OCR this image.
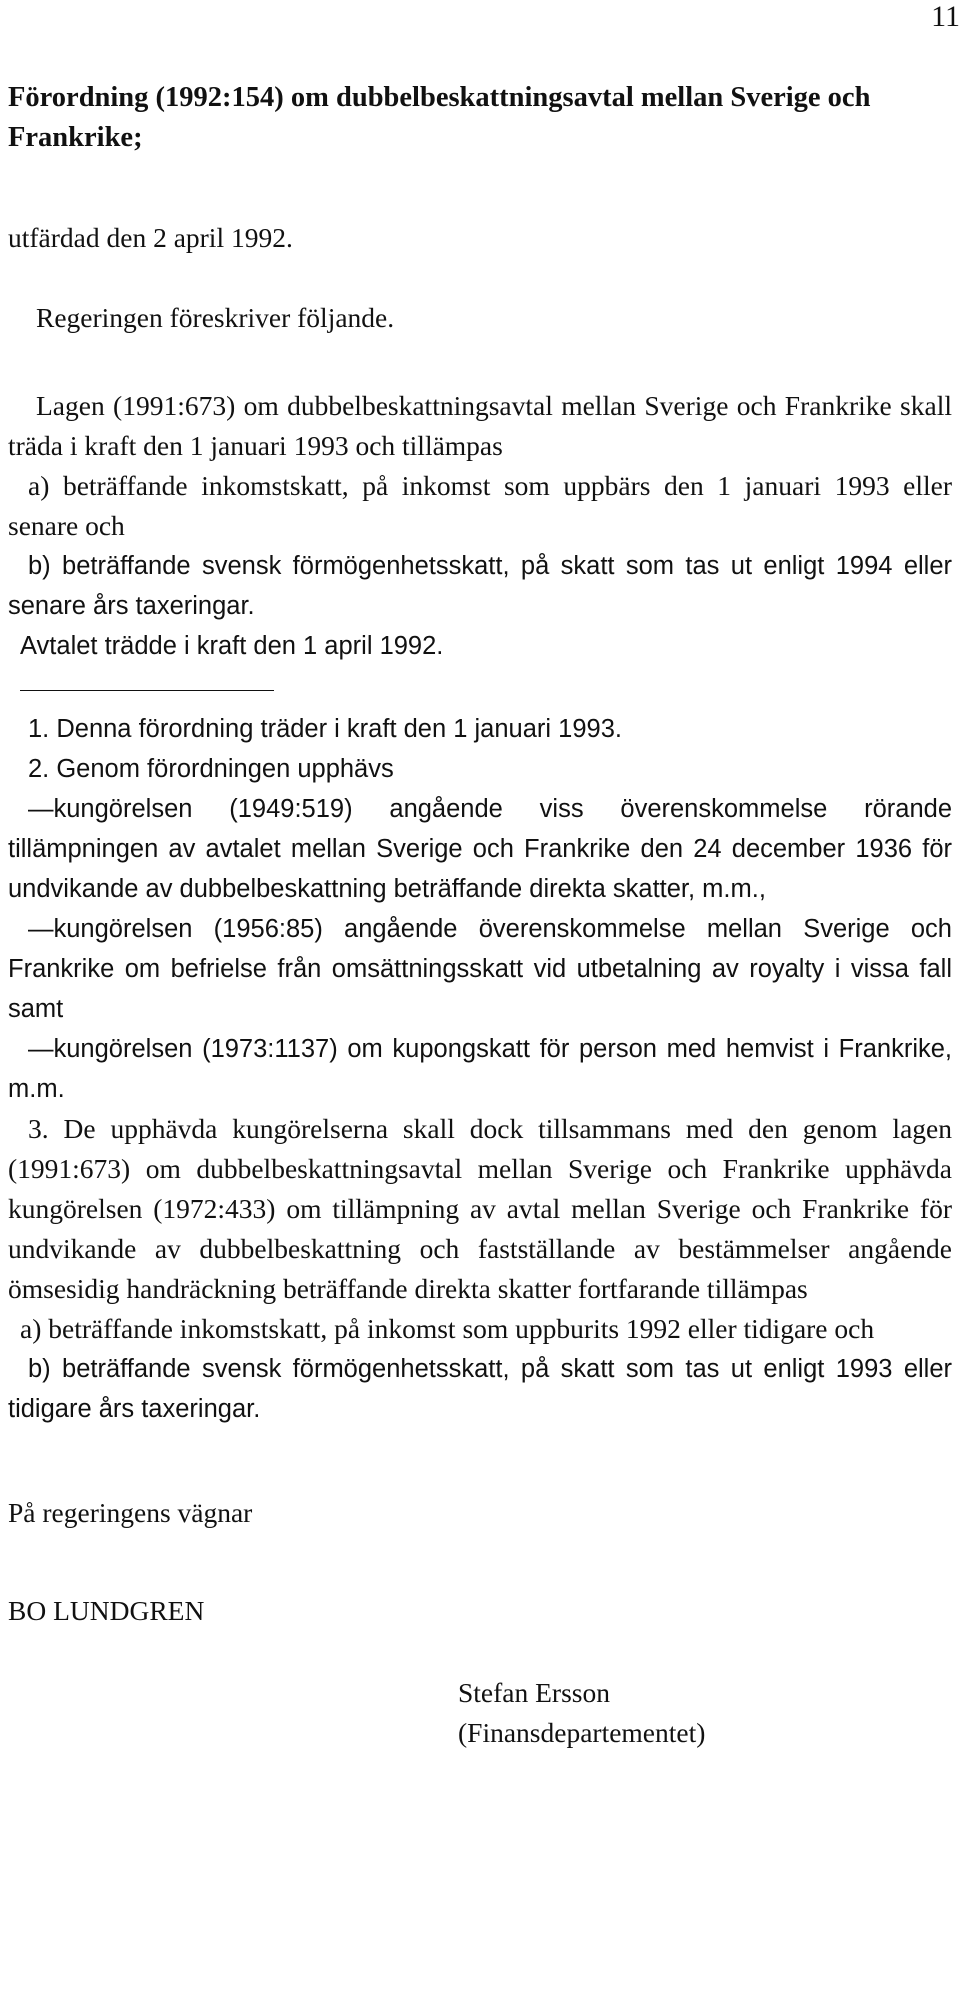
11
Förordning (1992:154) om dubbelbeskattningsavtal mellan Sverige och Frankrike;

utfärdad den 2 april 1992.

Regeringen föreskriver följande.

Lagen (1991:673) om dubbelbeskattningsavtal mellan Sverige och Frankrike skall träda i kraft den 1 januari 1993 och tillämpas

a) beträffande inkomstskatt, på inkomst som uppbärs den 1 januari 1993 eller senare och

b) beträffande svensk förmögenhetsskatt, på skatt som tas ut enligt 1994 eller senare års taxeringar.

Avtalet trädde i kraft den 1 april 1992.

1. Denna förordning träder i kraft den 1 januari 1993.

2. Genom förordningen upphävs

—kungörelsen (1949:519) angående viss överenskommelse rörande tillämpningen av avtalet mellan Sverige och Frankrike den 24 december 1936 för undvikande av dubbelbeskattning beträffande direkta skatter, m.m.,

—kungörelsen (1956:85) angående överenskommelse mellan Sverige och Frankrike om befrielse från omsättningsskatt vid utbetalning av royalty i vissa fall samt

—kungörelsen (1973:1137) om kupongskatt för person med hemvist i Frankrike, m.m.

3. De upphävda kungörelserna skall dock tillsammans med den genom lagen (1991:673) om dubbelbeskattningsavtal mellan Sverige och Frankrike upphävda kungörelsen (1972:433) om tillämpning av avtal mellan Sverige och Frankrike för undvikande av dubbelbeskattning och fastställande av bestämmelser angående ömsesidig handräckning beträffande direkta skatter fortfarande tillämpas

a) beträffande inkomstskatt, på inkomst som uppburits 1992 eller tidigare och

b) beträffande svensk förmögenhetsskatt, på skatt som tas ut enligt 1993 eller tidigare års taxeringar.

På regeringens vägnar

BO LUNDGREN

Stefan Ersson

(Finansdepartementet)
